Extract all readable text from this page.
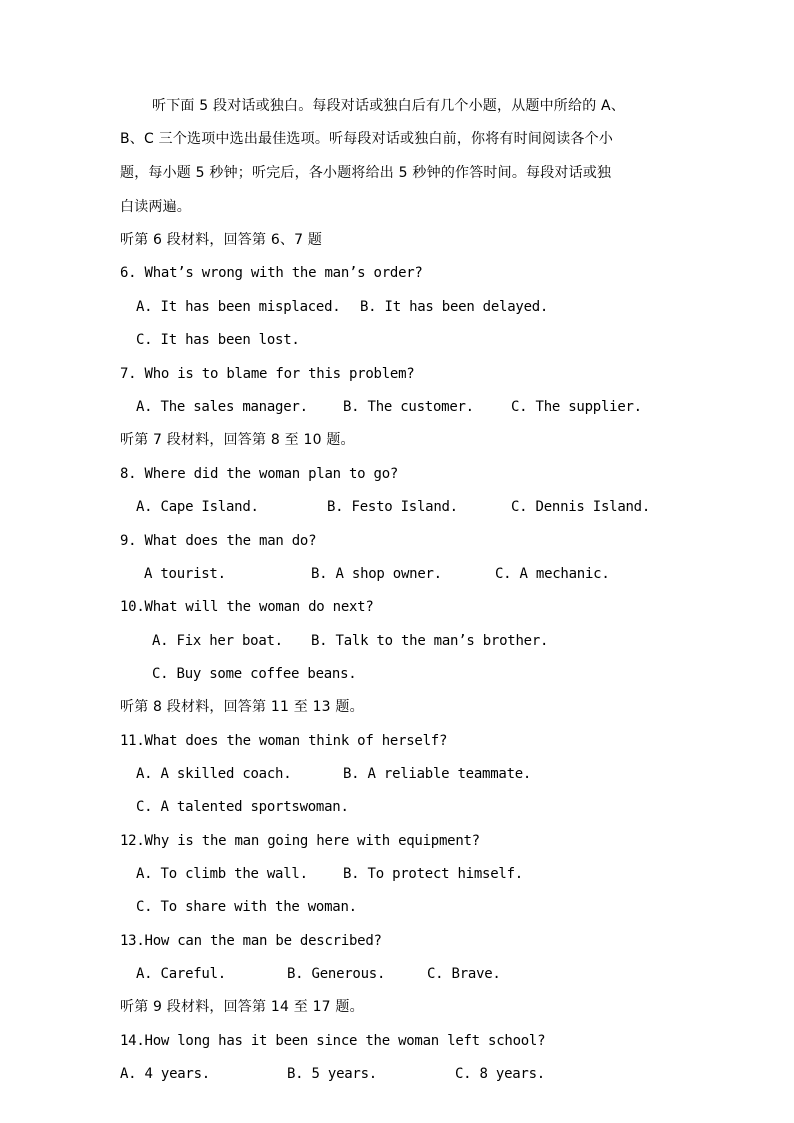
听下面 5 段对话或独白。每段对话或独白后有几个小题，从题中所给的 A、
B、C 三个选项中选出最佳选项。听每段对话或独白前，你将有时间阅读各个小
题，每小题 5 秒钟；听完后，各小题将给出 5 秒钟的作答时间。每段对话或独
白读两遍。
听第 6 段材料，回答第 6、7 题
6. What’s wrong with the man’s order?
A. It has been misplaced. B. It has been delayed.
C. It has been lost.
7. Who is to blame for this problem?
A. The sales manager.	B. The customer.	C. The supplier.
听第 7 段材料，回答第 8 至 10 题。
8. Where did the woman plan to go?
A. Cape Island.	B. Festo Island.	C. Dennis Island.
9. What does the man do?
A tourist.	B. A shop owner.	C. A mechanic.
10.What will the woman do next?
A. Fix her boat. B. Talk to the man’s brother.
C. Buy some coffee beans.
听第 8 段材料，回答第 11 至 13 题。
11.What does the woman think of herself?
A. A skilled coach.	B. A reliable teammate.
C. A talented sportswoman.
12.Why is the man going here with equipment?
A. To climb the wall.	B. To protect himself.
C. To share with the woman.
13.How can the man be described?
A. Careful.	B. Generous.	C. Brave.
听第 9 段材料，回答第 14 至 17 题。
14.How long has it been since the woman left school?
A. 4 years.	B. 5 years.	C. 8 years.
